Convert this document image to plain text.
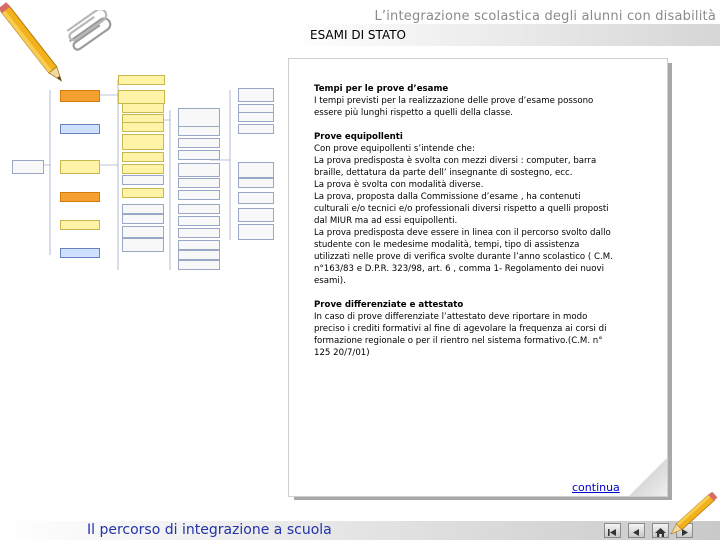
L’integrazione scolastica degli alunni con disabilità
ESAMI DI STATO

Tempi per le prove d’esame
I tempi previsti per la realizzazione delle prove d’esame possono essere più lunghi rispetto a quelli della classe.

Prove equipollenti
Con prove equipollenti s’intende che:
La prova predisposta è svolta con mezzi diversi : computer, barra braille, dettatura da parte dell’ insegnante di sostegno, ecc.
La prova è svolta con modalità diverse.
La prova, proposta dalla Commissione d’esame , ha contenuti culturali e/o tecnici e/o professionali diversi rispetto a quelli proposti dal MIUR ma ad essi equipollenti.
La prova predisposta deve essere in linea con il percorso svolto dallo studente con le medesime modalità, tempi, tipo di assistenza utilizzati nelle prove di verifica svolte durante l’anno scolastico ( C.M. n°163/83 e D.P.R. 323/98, art. 6 , comma 1- Regolamento dei nuovi esami).

Prove differenziate e attestato
In caso di prove differenziate l’attestato deve riportare in modo preciso i crediti formativi al fine di agevolare la frequenza ai corsi di formazione regionale o per il rientro nel sistema formativo.(C.M. n° 125 20/7/01)

continua
Il percorso di integrazione a scuola
